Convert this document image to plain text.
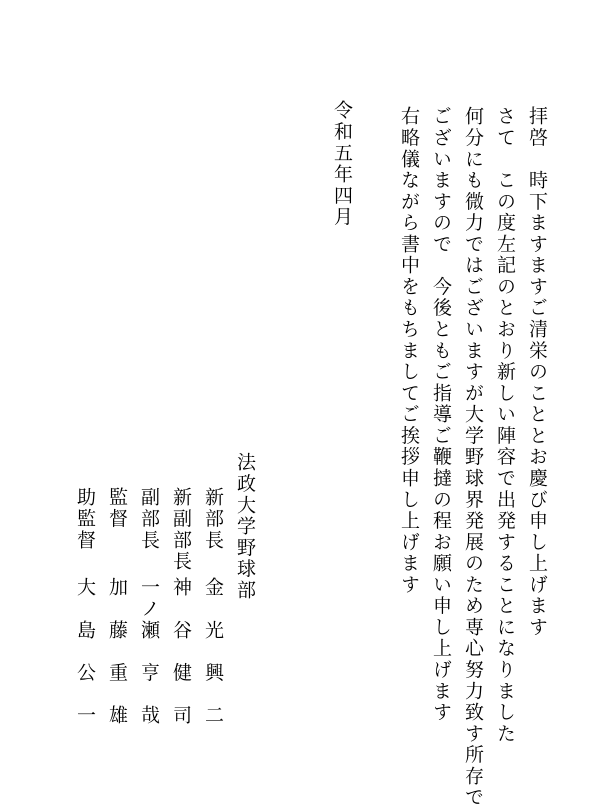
拝啓　時下ますますご清栄のこととお慶び申し上げます
さて　この度左記のとおり新しい陣容で出発することになりました
何分にも微力ではございますが大学野球界発展のため専心努力致す所存で
ございますので　今後ともご指導ご鞭撻の程お願い申し上げます
右略儀ながら書中をもちましてご挨拶申し上げます
令和五年四月
法政大学野球部
新部長
新副部長
副部長
監督
助監督
金　光　興　二
神　谷　健　司
一ノ瀬　亨　哉
加　藤　重　雄
大　島　公　一
